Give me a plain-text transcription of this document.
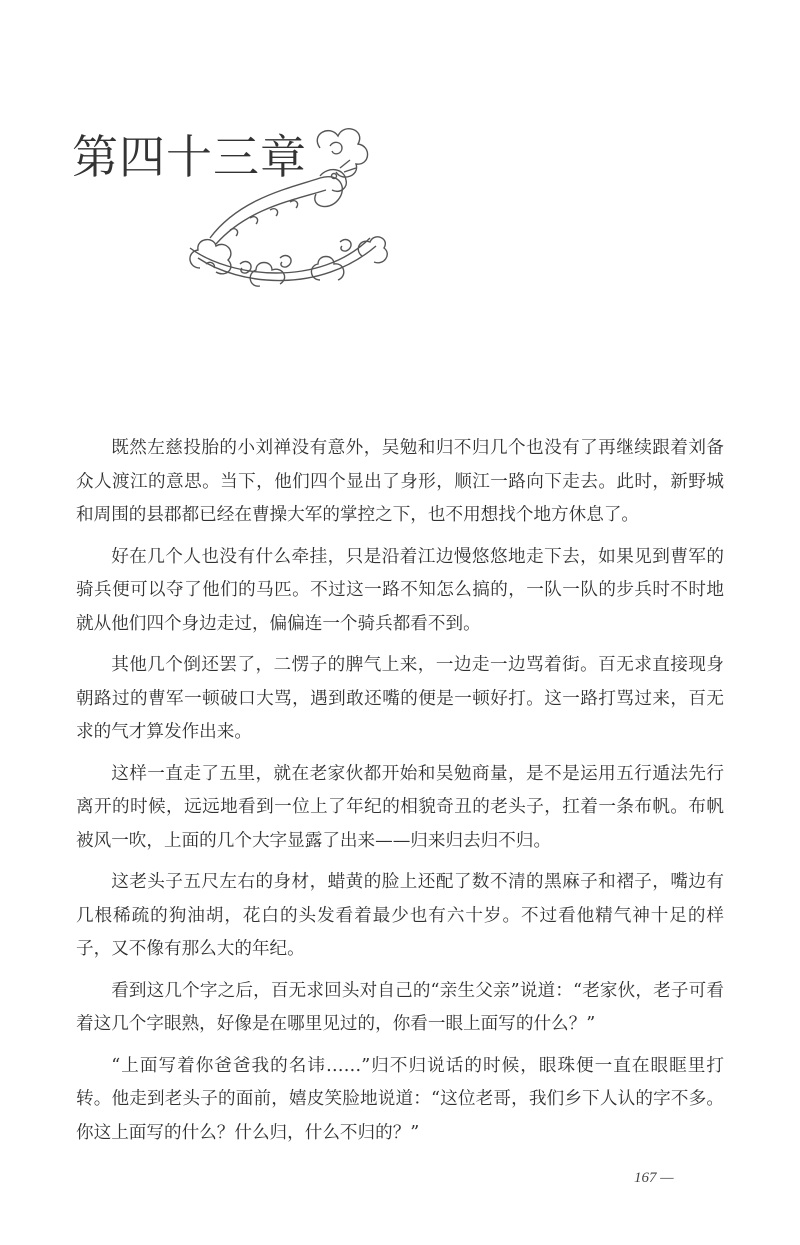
第四十三章

既然左慈投胎的小刘禅没有意外，吴勉和归不归几个也没有了再继续跟着刘备众人渡江的意思。当下，他们四个显出了身形，顺江一路向下走去。此时，新野城和周围的县郡都已经在曹操大军的掌控之下，也不用想找个地方休息了。

好在几个人也没有什么牵挂，只是沿着江边慢悠悠地走下去，如果见到曹军的骑兵便可以夺了他们的马匹。不过这一路不知怎么搞的，一队一队的步兵时不时地就从他们四个身边走过，偏偏连一个骑兵都看不到。

其他几个倒还罢了，二愣子的脾气上来，一边走一边骂着街。百无求直接现身朝路过的曹军一顿破口大骂，遇到敢还嘴的便是一顿好打。这一路打骂过来，百无求的气才算发作出来。

这样一直走了五里，就在老家伙都开始和吴勉商量，是不是运用五行遁法先行离开的时候，远远地看到一位上了年纪的相貌奇丑的老头子，扛着一条布帆。布帆被风一吹，上面的几个大字显露了出来——归来归去归不归。

这老头子五尺左右的身材，蜡黄的脸上还配了数不清的黑麻子和褶子，嘴边有几根稀疏的狗油胡，花白的头发看着最少也有六十岁。不过看他精气神十足的样子，又不像有那么大的年纪。

看到这几个字之后，百无求回头对自己的“亲生父亲”说道：“老家伙，老子可看着这几个字眼熟，好像是在哪里见过的，你看一眼上面写的什么？”

“上面写着你爸爸我的名讳……”归不归说话的时候，眼珠便一直在眼眶里打转。他走到老头子的面前，嬉皮笑脸地说道：“这位老哥，我们乡下人认的字不多。你这上面写的什么？什么归，什么不归的？”

167 —
